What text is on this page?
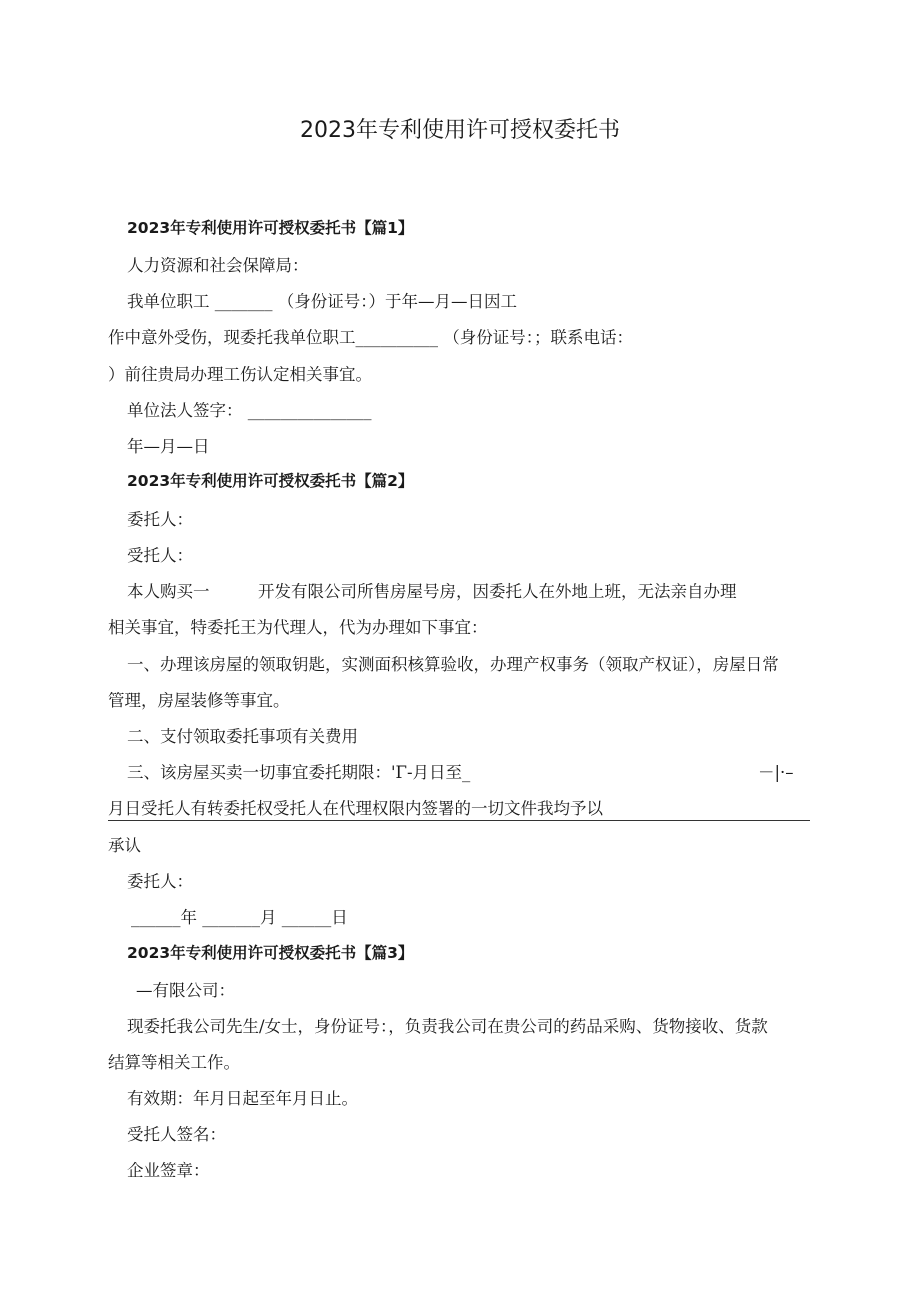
2023年专利使用许可授权委托书
2023年专利使用许可授权委托书【篇1】
人力资源和社会保障局：
我单位职工 _______ （身份证号：）于年—月—日因工
作中意外受伤，现委托我单位职工__________ （身份证号：；联系电话：
）前往贵局办理工伤认定相关事宜。
单位法人签字： _______________
年—月—日
2023年专利使用许可授权委托书【篇2】
委托人：
受托人：
本人购买一	开发有限公司所售房屋号房，因委托人在外地上班，无法亲自办理
相关事宜，特委托王为代理人，代为办理如下事宜：
一、办理该房屋的领取钥匙，实测面积核算验收，办理产权事务（领取产权证），房屋日常
管理，房屋装修等事宜。
二、支付领取委托事项有关费用
三、该房屋买卖一切事宜委托期限：'Γ-月日至_	－|·–
月日受托人有转委托权受托人在代理权限内签署的一切文件我均予以
承认
委托人：
______年 _______月 ______日
2023年专利使用许可授权委托书【篇3】
—有限公司：
现委托我公司先生/女士，身份证号：，负责我公司在贵公司的药品采购、货物接收、货款
结算等相关工作。
有效期：年月日起至年月日止。
受托人签名：
企业签章：
